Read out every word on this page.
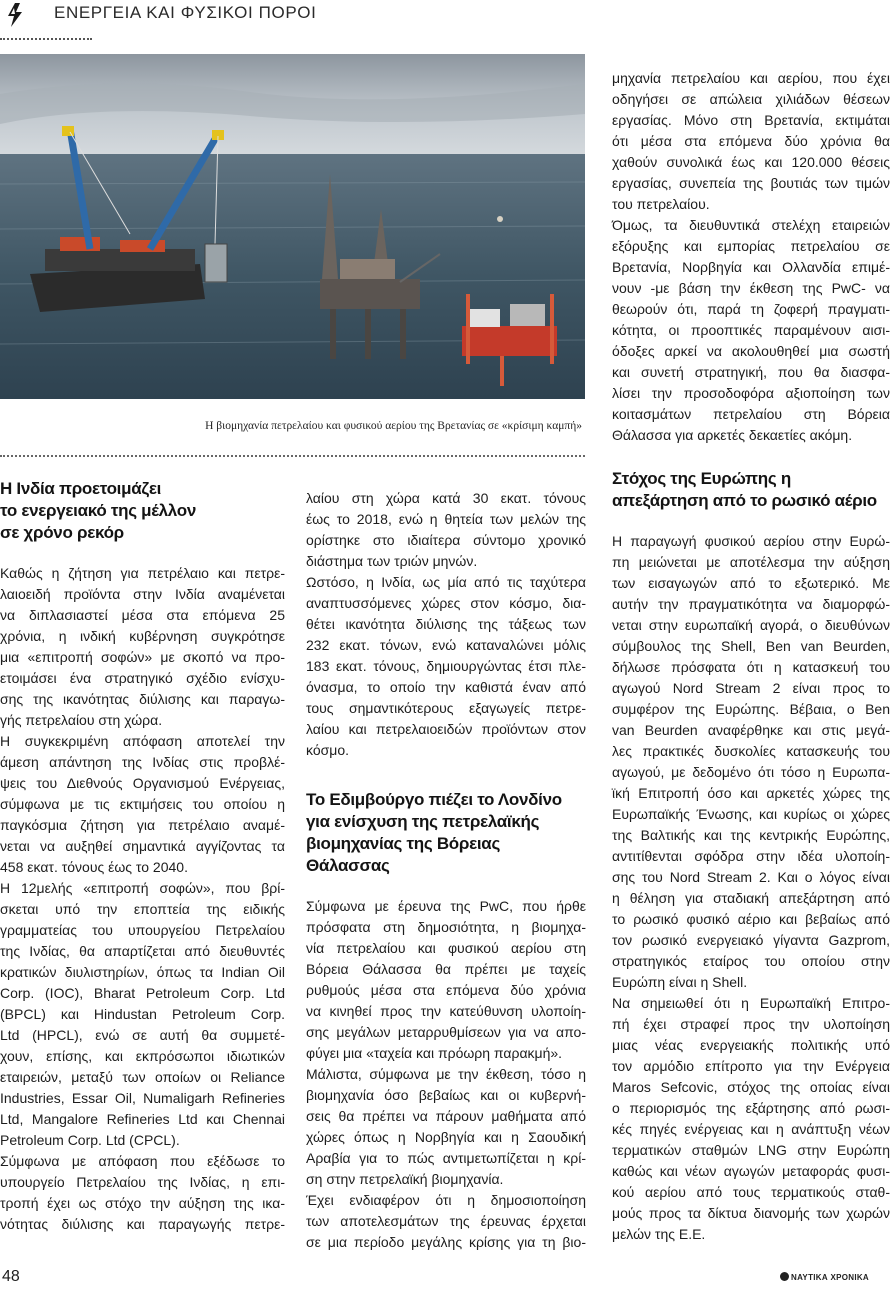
ΕΝΕΡΓΕΙΑ ΚΑΙ ΦΥΣΙΚΟΙ ΠΟΡΟΙ
Η βιομηχανία πετρελαίου και φυσικού αερίου της Βρετανίας σε «κρίσιμη καμπή»
Η Ινδία προετοιμάζει
το ενεργειακό της μέλλον
σε χρόνο ρεκόρ
Καθώς η ζήτηση για πετρέλαιο και πετρε-
λαιοειδή προϊόντα στην Ινδία αναμένεται
να διπλασιαστεί μέσα στα επόμενα 25
χρόνια, η ινδική κυβέρνηση συγκρότησε
μια «επιτροπή σοφών» με σκοπό να προ-
ετοιμάσει ένα στρατηγικό σχέδιο ενίσχυ-
σης της ικανότητας διύλισης και παραγω-
γής πετρελαίου στη χώρα.
Η συγκεκριμένη απόφαση αποτελεί την
άμεση απάντηση της Ινδίας στις προβλέ-
ψεις του Διεθνούς Οργανισμού Ενέργειας,
σύμφωνα με τις εκτιμήσεις του οποίου η
παγκόσμια ζήτηση για πετρέλαιο αναμέ-
νεται να αυξηθεί σημαντικά αγγίζοντας τα
458 εκατ. τόνους έως το 2040.
Η 12μελής «επιτροπή σοφών», που βρί-
σκεται υπό την εποπτεία της ειδικής
γραμματείας του υπουργείου Πετρελαίου
της Ινδίας, θα απαρτίζεται από διευθυντές
κρατικών διυλιστηρίων, όπως τα Indian Oil
Corp. (IOC), Bharat Petroleum Corp. Ltd
(BPCL) και Hindustan Petroleum Corp.
Ltd (HPCL), ενώ σε αυτή θα συμμετέ-
χουν, επίσης, και εκπρόσωποι ιδιωτικών
εταιρειών, μεταξύ των οποίων οι Reliance
Industries, Essar Oil, Numaligarh Refineries
Ltd, Mangalore Refineries Ltd και Chennai
Petroleum Corp. Ltd (CPCL).
Σύμφωνα με απόφαση που εξέδωσε το
υπουργείο Πετρελαίου της Ινδίας, η επι-
τροπή έχει ως στόχο την αύξηση της ικα-
νότητας διύλισης και παραγωγής πετρε-
λαίου στη χώρα κατά 30 εκατ. τόνους
έως το 2018, ενώ η θητεία των μελών της
ορίστηκε στο ιδιαίτερα σύντομο χρονικό
διάστημα των τριών μηνών.
Ωστόσο, η Ινδία, ως μία από τις ταχύτερα
αναπτυσσόμενες χώρες στον κόσμο, δια-
θέτει ικανότητα διύλισης της τάξεως των
232 εκατ. τόνων, ενώ καταναλώνει μόλις
183 εκατ. τόνους, δημιουργώντας έτσι πλε-
όνασμα, το οποίο την καθιστά έναν από
τους σημαντικότερους εξαγωγείς πετρε-
λαίου και πετρελαιοειδών προϊόντων στον
κόσμο.
Το Εδιμβούργο πιέζει το Λονδίνο
για ενίσχυση της πετρελαϊκής
βιομηχανίας της Βόρειας
Θάλασσας
Σύμφωνα με έρευνα της PwC, που ήρθε
πρόσφατα στη δημοσιότητα, η βιομηχα-
νία πετρελαίου και φυσικού αερίου στη
Βόρεια Θάλασσα θα πρέπει με ταχείς
ρυθμούς μέσα στα επόμενα δύο χρόνια
να κινηθεί προς την κατεύθυνση υλοποίη-
σης μεγάλων μεταρρυθμίσεων για να απο-
φύγει μια «ταχεία και πρόωρη παρακμή».
Μάλιστα, σύμφωνα με την έκθεση, τόσο η
βιομηχανία όσο βεβαίως και οι κυβερνή-
σεις θα πρέπει να πάρουν μαθήματα από
χώρες όπως η Νορβηγία και η Σαουδική
Αραβία για το πώς αντιμετωπίζεται η κρί-
ση στην πετρελαϊκή βιομηχανία.
Έχει ενδιαφέρον ότι η δημοσιοποίηση
των αποτελεσμάτων της έρευνας έρχεται
σε μια περίοδο μεγάλης κρίσης για τη βιο-
μηχανία πετρελαίου και αερίου, που έχει
οδηγήσει σε απώλεια χιλιάδων θέσεων
εργασίας. Μόνο στη Βρετανία, εκτιμάται
ότι μέσα στα επόμενα δύο χρόνια θα
χαθούν συνολικά έως και 120.000 θέσεις
εργασίας, συνεπεία της βουτιάς των τιμών
του πετρελαίου.
Όμως, τα διευθυντικά στελέχη εταιρειών
εξόρυξης και εμπορίας πετρελαίου σε
Βρετανία, Νορβηγία και Ολλανδία επιμέ-
νουν -με βάση την έκθεση της PwC- να
θεωρούν ότι, παρά τη ζοφερή πραγματι-
κότητα, οι προοπτικές παραμένουν αισι-
όδοξες αρκεί να ακολουθηθεί μια σωστή
και συνετή στρατηγική, που θα διασφα-
λίσει την προσοδοφόρα αξιοποίηση των
κοιτασμάτων πετρελαίου στη Βόρεια
Θάλασσα για αρκετές δεκαετίες ακόμη.
Στόχος της Ευρώπης η
απεξάρτηση από το ρωσικό αέριο
Η παραγωγή φυσικού αερίου στην Ευρώ-
πη μειώνεται με αποτέλεσμα την αύξηση
των εισαγωγών από το εξωτερικό. Με
αυτήν την πραγματικότητα να διαμορφώ-
νεται στην ευρωπαϊκή αγορά, ο διευθύνων
σύμβουλος της Shell, Ben van Beurden,
δήλωσε πρόσφατα ότι η κατασκευή του
αγωγού Nord Stream 2 είναι προς το
συμφέρον της Ευρώπης. Βέβαια, ο Ben
van Beurden αναφέρθηκε και στις μεγά-
λες πρακτικές δυσκολίες κατασκευής του
αγωγού, με δεδομένο ότι τόσο η Ευρωπα-
ϊκή Επιτροπή όσο και αρκετές χώρες της
Ευρωπαϊκής Ένωσης, και κυρίως οι χώρες
της Βαλτικής και της κεντρικής Ευρώπης,
αντιτίθενται σφόδρα στην ιδέα υλοποίη-
σης του Nord Stream 2. Και ο λόγος είναι
η θέληση για σταδιακή απεξάρτηση από
το ρωσικό φυσικό αέριο και βεβαίως από
τον ρωσικό ενεργειακό γίγαντα Gazprom,
στρατηγικός εταίρος του οποίου στην
Ευρώπη είναι η Shell.
Να σημειωθεί ότι η Ευρωπαϊκή Επιτρο-
πή έχει στραφεί προς την υλοποίηση
μιας νέας ενεργειακής πολιτικής υπό
τον αρμόδιο επίτροπο για την Ενέργεια
Maros Sefcovic, στόχος της οποίας είναι
ο περιορισμός της εξάρτησης από ρωσι-
κές πηγές ενέργειας και η ανάπτυξη νέων
τερματικών σταθμών LNG στην Ευρώπη
καθώς και νέων αγωγών μεταφοράς φυσι-
κού αερίου από τους τερματικούς σταθ-
μούς προς τα δίκτυα διανομής των χωρών
μελών της Ε.Ε.
48	ΝΑΥΤΙΚΑ ΧΡΟΝΙΚΑ
